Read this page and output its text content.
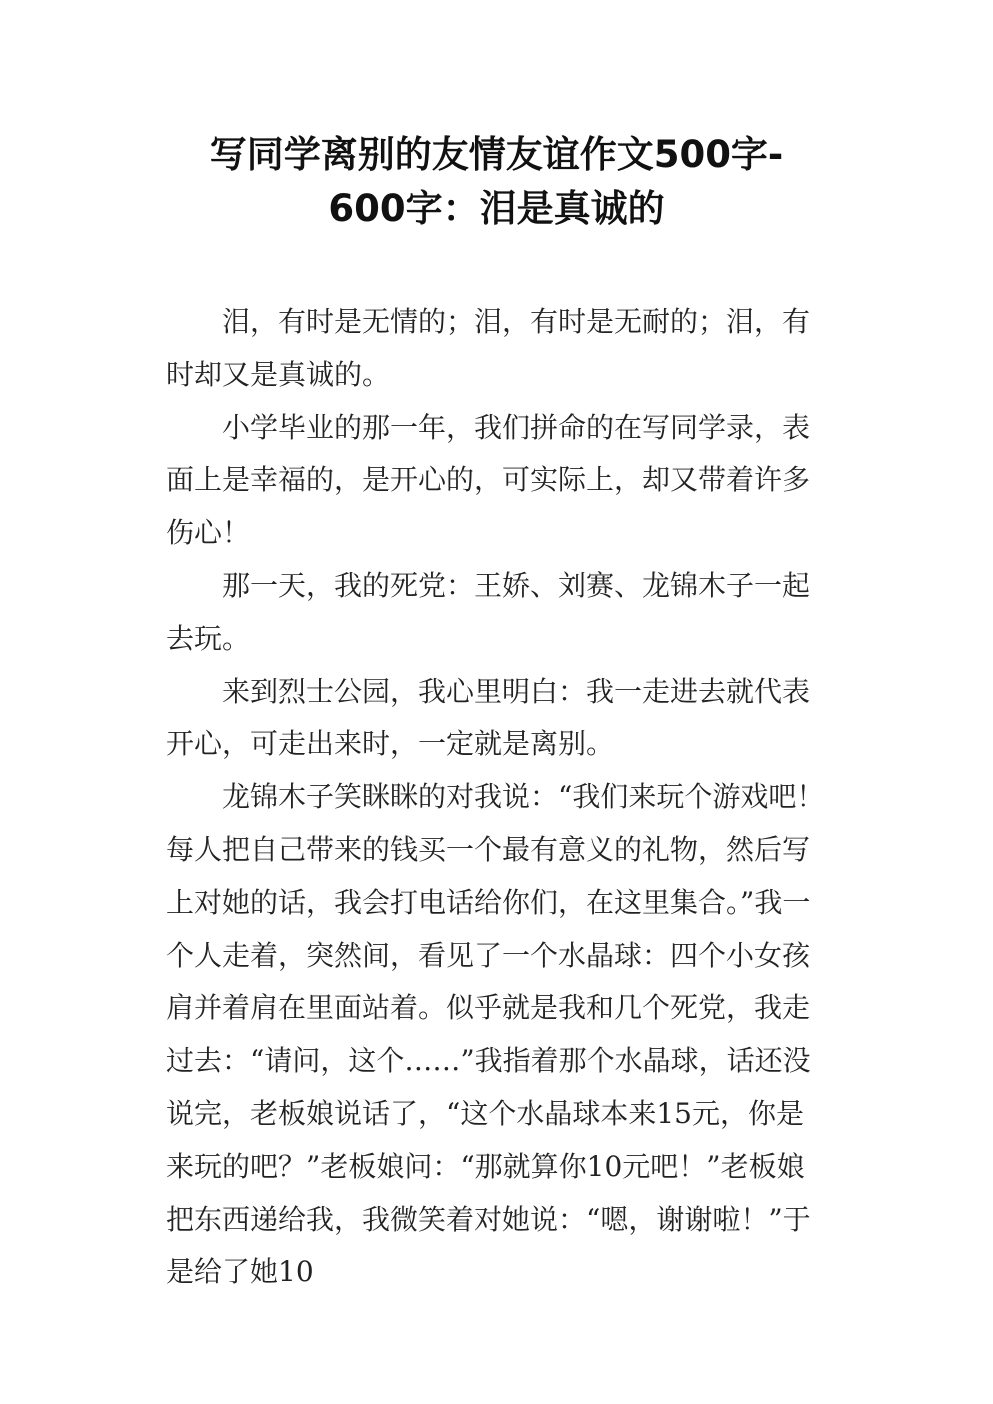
写同学离别的友情友谊作文500字-
600字：泪是真诚的

泪，有时是无情的；泪，有时是无耐的；泪，有时却又是真诚的。

小学毕业的那一年，我们拼命的在写同学录，表面上是幸福的，是开心的，可实际上，却又带着许多伤心！

那一天，我的死党：王娇、刘赛、龙锦木子一起去玩。

来到烈士公园，我心里明白：我一走进去就代表开心，可走出来时，一定就是离别。

龙锦木子笑眯眯的对我说：“我们来玩个游戏吧！每人把自己带来的钱买一个最有意义的礼物，然后写上对她的话，我会打电话给你们，在这里集合。”我一个人走着，突然间，看见了一个水晶球：四个小女孩肩并着肩在里面站着。似乎就是我和几个死党，我走过去：“请问，这个……”我指着那个水晶球，话还没说完，老板娘说话了，“这个水晶球本来15元，你是来玩的吧？”老板娘问：“那就算你10元吧！”老板娘把东西递给我，我微笑着对她说：“嗯，谢谢啦！”于是给了她10
